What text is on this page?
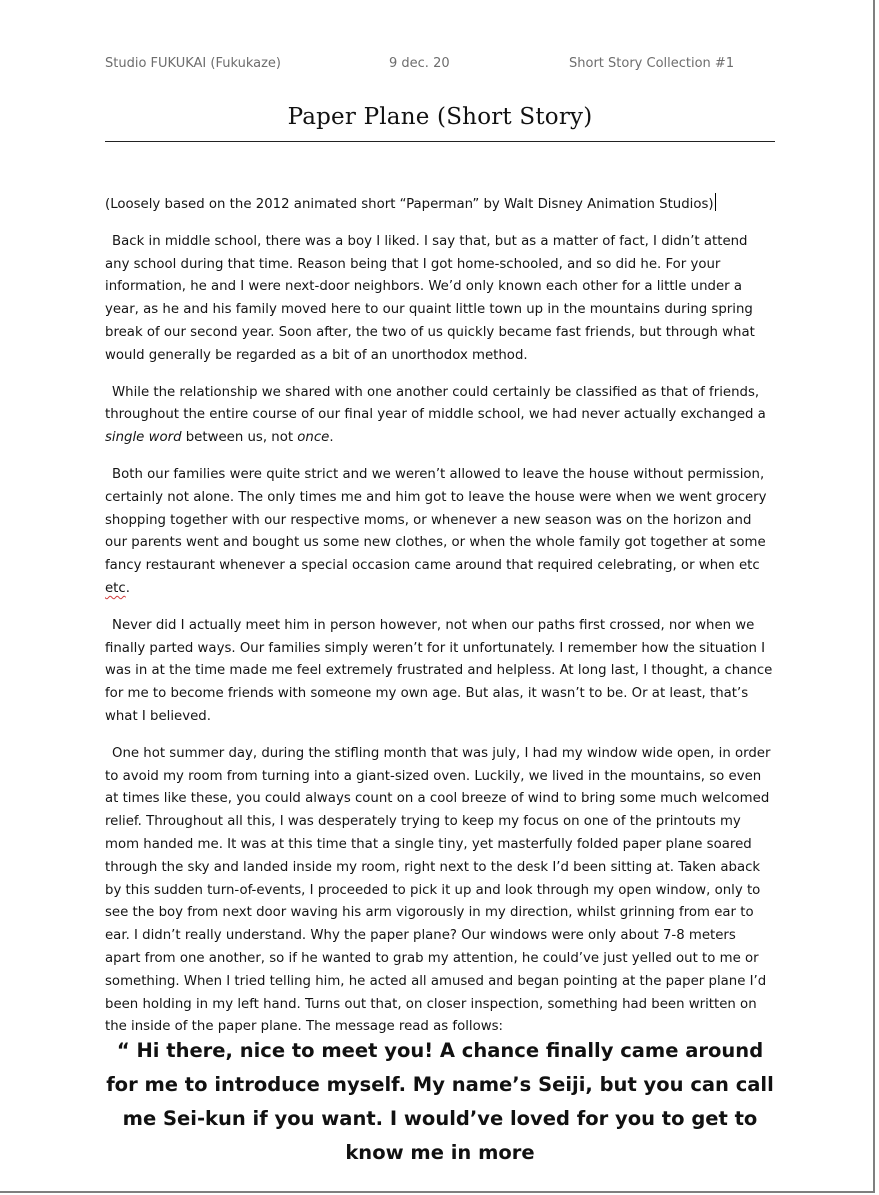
Studio FUKUKAI (Fukukaze)	9 dec. 20	Short Story Collection #1
Paper Plane (Short Story)

(Loosely based on the 2012 animated short “Paperman” by Walt Disney Animation Studios)

Back in middle school, there was a boy I liked. I say that, but as a matter of fact, I didn’t attend any school during that time. Reason being that I got home-schooled, and so did he. For your information, he and I were next-door neighbors. We’d only known each other for a little under a year, as he and his family moved here to our quaint little town up in the mountains during spring break of our second year. Soon after, the two of us quickly became fast friends, but through what would generally be regarded as a bit of an unorthodox method.

While the relationship we shared with one another could certainly be classified as that of friends, throughout the entire course of our final year of middle school, we had never actually exchanged a single word between us, not once.

Both our families were quite strict and we weren’t allowed to leave the house without permission, certainly not alone. The only times me and him got to leave the house were when we went grocery shopping together with our respective moms, or whenever a new season was on the horizon and our parents went and bought us some new clothes, or when the whole family got together at some fancy restaurant whenever a special occasion came around that required celebrating, or when etc etc.

Never did I actually meet him in person however, not when our paths first crossed, nor when we finally parted ways. Our families simply weren’t for it unfortunately. I remember how the situation I was in at the time made me feel extremely frustrated and helpless. At long last, I thought, a chance for me to become friends with someone my own age. But alas, it wasn’t to be. Or at least, that’s what I believed.

One hot summer day, during the stifling month that was july, I had my window wide open, in order to avoid my room from turning into a giant-sized oven. Luckily, we lived in the mountains, so even at times like these, you could always count on a cool breeze of wind to bring some much welcomed relief. Throughout all this, I was desperately trying to keep my focus on one of the printouts my mom handed me. It was at this time that a single tiny, yet masterfully folded paper plane soared through the sky and landed inside my room, right next to the desk I’d been sitting at. Taken aback by this sudden turn-of-events, I proceeded to pick it up and look through my open window, only to see the boy from next door waving his arm vigorously in my direction, whilst grinning from ear to ear. I didn’t really understand. Why the paper plane? Our windows were only about 7-8 meters apart from one another, so if he wanted to grab my attention, he could’ve just yelled out to me or something. When I tried telling him, he acted all amused and began pointing at the paper plane I’d been holding in my left hand. Turns out that, on closer inspection, something had been written on the inside of the paper plane. The message read as follows:

“ Hi there, nice to meet you! A chance finally came around for me to introduce myself. My name’s Seiji, but you can call me Sei-kun if you want. I would’ve loved for you to get to know me in more
